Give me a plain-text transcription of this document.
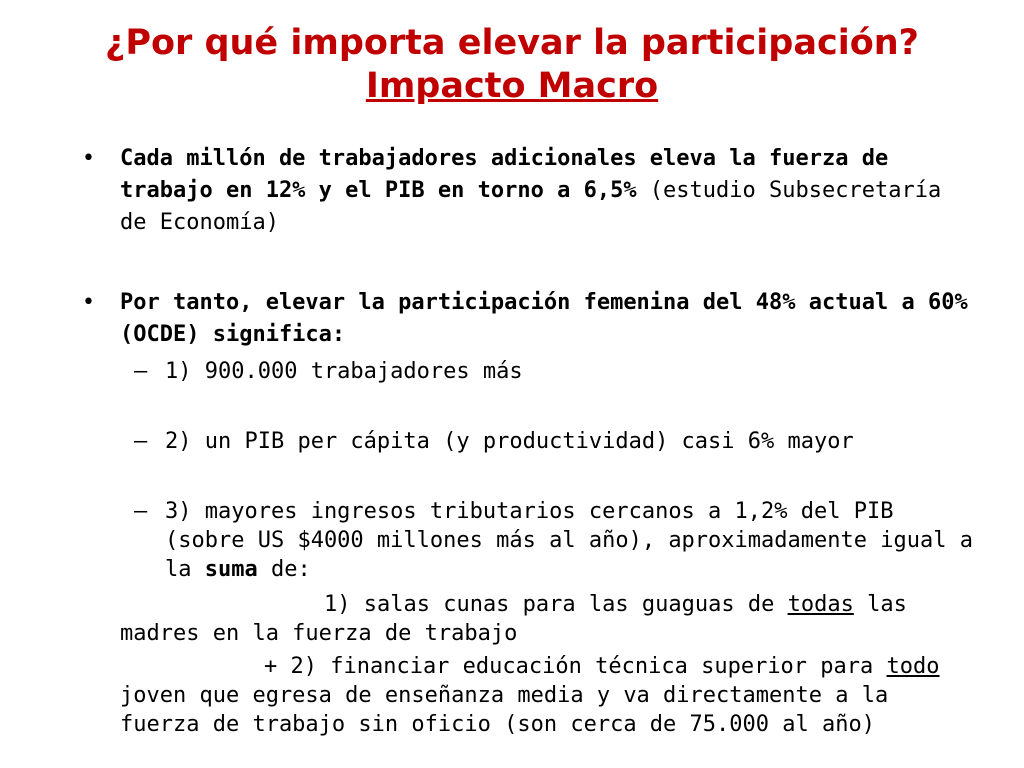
¿Por qué importa elevar la participación?
Impacto Macro

• Cada millón de trabajadores adicionales eleva la fuerza de trabajo en 12% y el PIB en torno a 6,5% (estudio Subsecretaría de Economía)

• Por tanto, elevar la participación femenina del 48% actual a 60% (OCDE) significa:

– 1) 900.000 trabajadores más

– 2) un PIB per cápita (y productividad) casi 6% mayor

– 3) mayores ingresos tributarios cercanos a 1,2% del PIB (sobre US $4000 millones más al año), aproximadamente igual a la suma de:

1) salas cunas para las guaguas de todas las madres en la fuerza de trabajo

+ 2) financiar educación técnica superior para todo joven que egresa de enseñanza media y va directamente a la fuerza de trabajo sin oficio (son cerca de 75.000 al año)
